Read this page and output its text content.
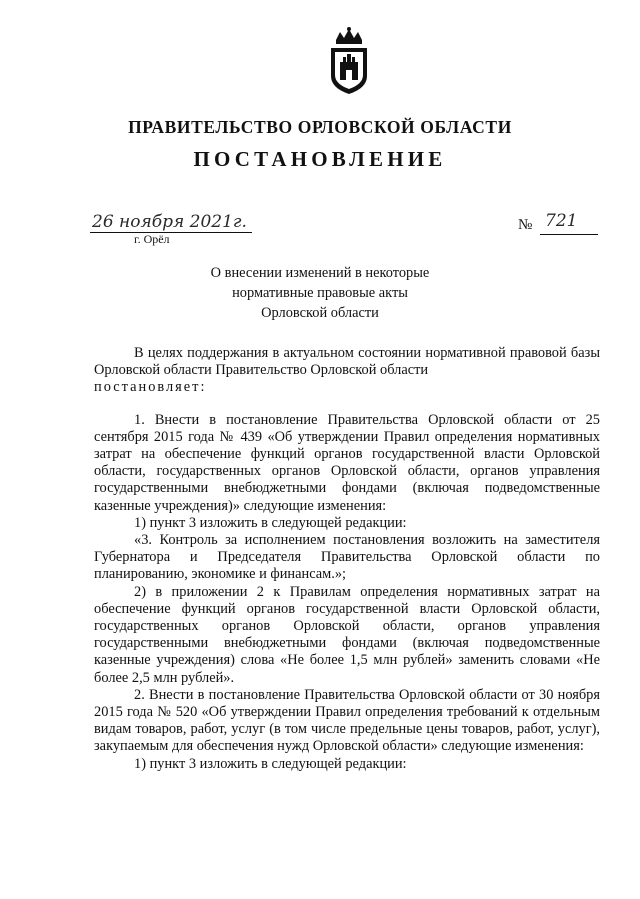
ПРАВИТЕЛЬСТВО ОРЛОВСКОЙ ОБЛАСТИ
ПОСТАНОВЛЕНИЕ
26 ноября 2021г.
г. Орёл
№ 721
О внесении изменений в некоторые
нормативные правовые акты
Орловской области

В целях поддержания в актуальном состоянии нормативной правовой базы Орловской области Правительство Орловской области

постановляет:

1. Внести в постановление Правительства Орловской области от 25 сентября 2015 года № 439 «Об утверждении Правил определения нормативных затрат на обеспечение функций органов государственной власти Орловской области, государственных органов Орловской области, органов управления государственными внебюджетными фондами (включая подведомственные казенные учреждения)» следующие изменения:

1) пункт 3 изложить в следующей редакции:

«3. Контроль за исполнением постановления возложить на заместителя Губернатора и Председателя Правительства Орловской области по планированию, экономике и финансам.»;

2) в приложении 2 к Правилам определения нормативных затрат на обеспечение функций органов государственной власти Орловской области, государственных органов Орловской области, органов управления государственными внебюджетными фондами (включая подведомственные казенные учреждения) слова «Не более 1,5 млн рублей» заменить словами «Не более 2,5 млн рублей».

2. Внести в постановление Правительства Орловской области от 30 ноября 2015 года № 520 «Об утверждении Правил определения требований к отдельным видам товаров, работ, услуг (в том числе предельные цены товаров, работ, услуг), закупаемым для обеспечения нужд Орловской области» следующие изменения:

1) пункт 3 изложить в следующей редакции:
